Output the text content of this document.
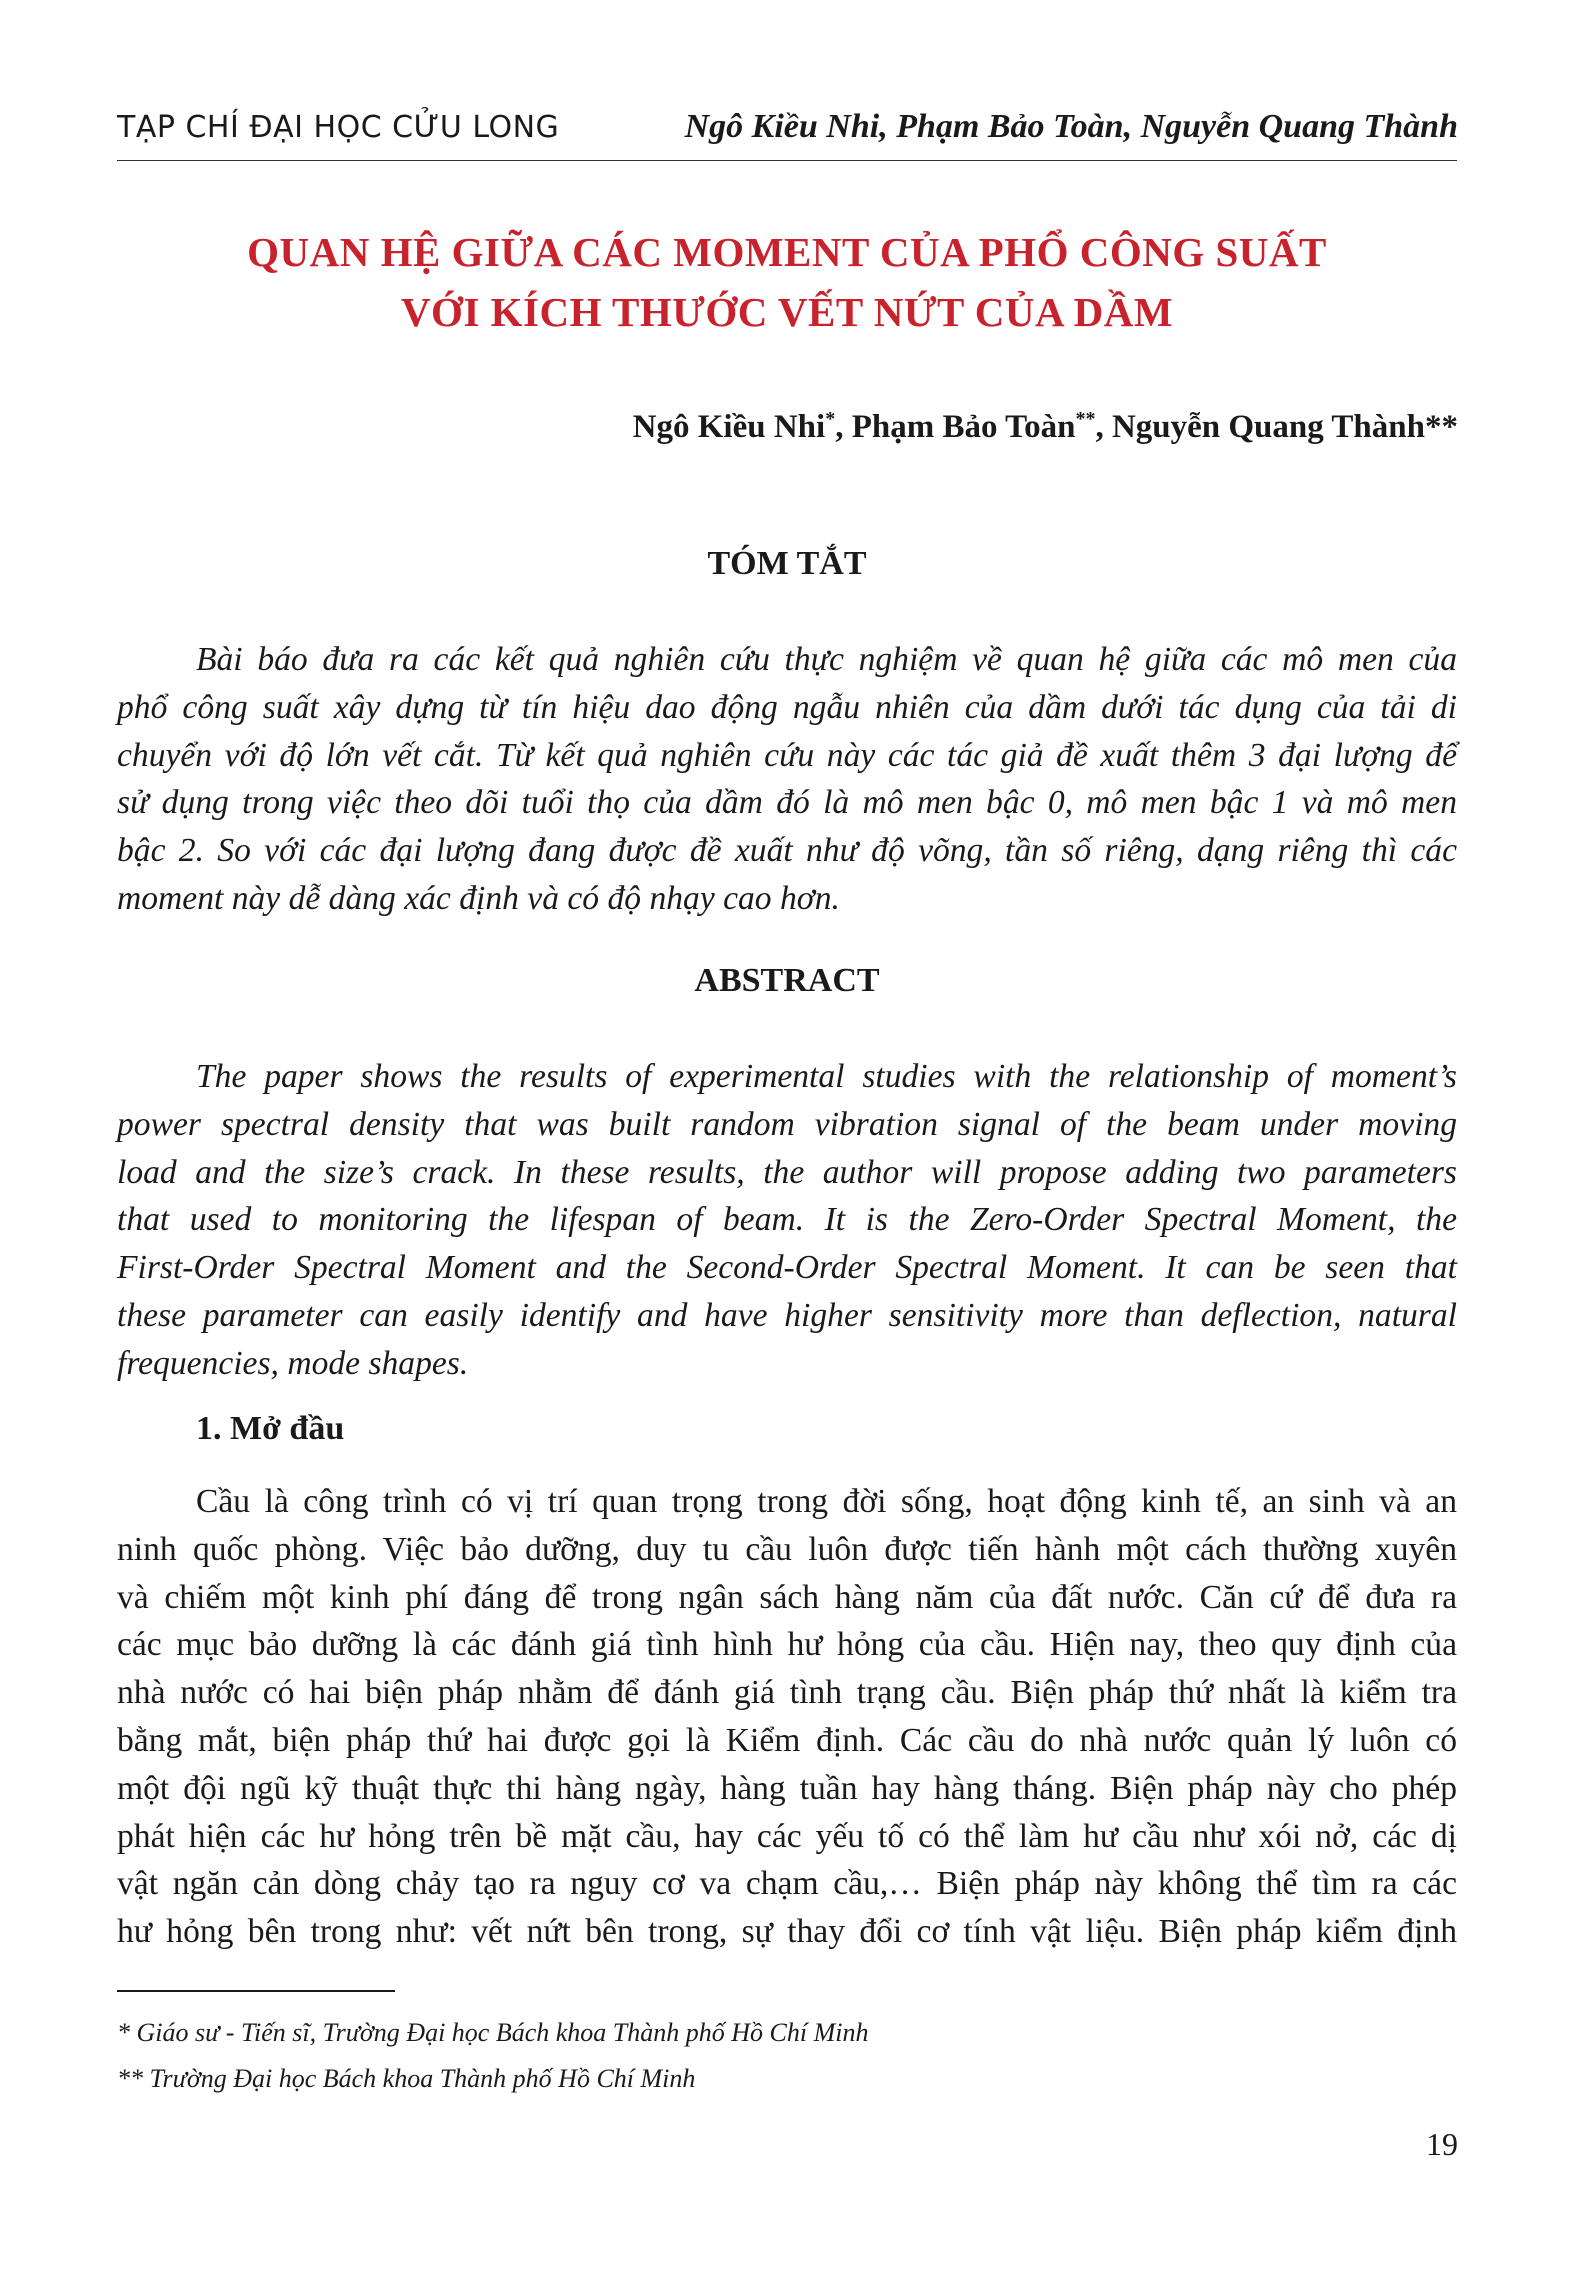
TẠP CHÍ ĐẠI HỌC CỬU LONG	Ngô Kiều Nhi, Phạm Bảo Toàn, Nguyễn Quang Thành
QUAN HỆ GIỮA CÁC MOMENT CỦA PHỔ CÔNG SUẤT
VỚI KÍCH THƯỚC VẾT NỨT CỦA DẦM
Ngô Kiều Nhi*, Phạm Bảo Toàn**, Nguyễn Quang Thành**
TÓM TẮT
Bài báo đưa ra các kết quả nghiên cứu thực nghiệm về quan hệ giữa các mô men của
phổ công suất xây dựng từ tín hiệu dao động ngẫu nhiên của dầm dưới tác dụng của tải di
chuyển với độ lớn vết cắt. Từ kết quả nghiên cứu này các tác giả đề xuất thêm 3 đại lượng để
sử dụng trong việc theo dõi tuổi thọ của dầm đó là mô men bậc 0, mô men bậc 1 và mô men
bậc 2. So với các đại lượng đang được đề xuất như độ võng, tần số riêng, dạng riêng thì các
moment này dễ dàng xác định và có độ nhạy cao hơn.
ABSTRACT
The paper shows the results of experimental studies with the relationship of moment’s
power spectral density that was built random vibration signal of the beam under moving
load and the size’s crack. In these results, the author will propose adding two parameters
that used to monitoring the lifespan of beam. It is the Zero-Order Spectral Moment, the
First-Order Spectral Moment and the Second-Order Spectral Moment. It can be seen that
these parameter can easily identify and have higher sensitivity more than deflection, natural
frequencies, mode shapes.
1. Mở đầu
Cầu là công trình có vị trí quan trọng trong đời sống, hoạt động kinh tế, an sinh và an
ninh quốc phòng. Việc bảo dưỡng, duy tu cầu luôn được tiến hành một cách thường xuyên
và chiếm một kinh phí đáng để trong ngân sách hàng năm của đất nước. Căn cứ để đưa ra
các mục bảo dưỡng là các đánh giá tình hình hư hỏng của cầu. Hiện nay, theo quy định của
nhà nước có hai biện pháp nhằm để đánh giá tình trạng cầu. Biện pháp thứ nhất là kiểm tra
bằng mắt, biện pháp thứ hai được gọi là Kiểm định. Các cầu do nhà nước quản lý luôn có
một đội ngũ kỹ thuật thực thi hàng ngày, hàng tuần hay hàng tháng. Biện pháp này cho phép
phát hiện các hư hỏng trên bề mặt cầu, hay các yếu tố có thể làm hư cầu như xói nở, các dị
vật ngăn cản dòng chảy tạo ra nguy cơ va chạm cầu,… Biện pháp này không thể tìm ra các
hư hỏng bên trong như: vết nứt bên trong, sự thay đổi cơ tính vật liệu. Biện pháp kiểm định
* Giáo sư - Tiến sĩ, Trường Đại học Bách khoa Thành phố Hồ Chí Minh
** Trường Đại học Bách khoa Thành phố Hồ Chí Minh
19
